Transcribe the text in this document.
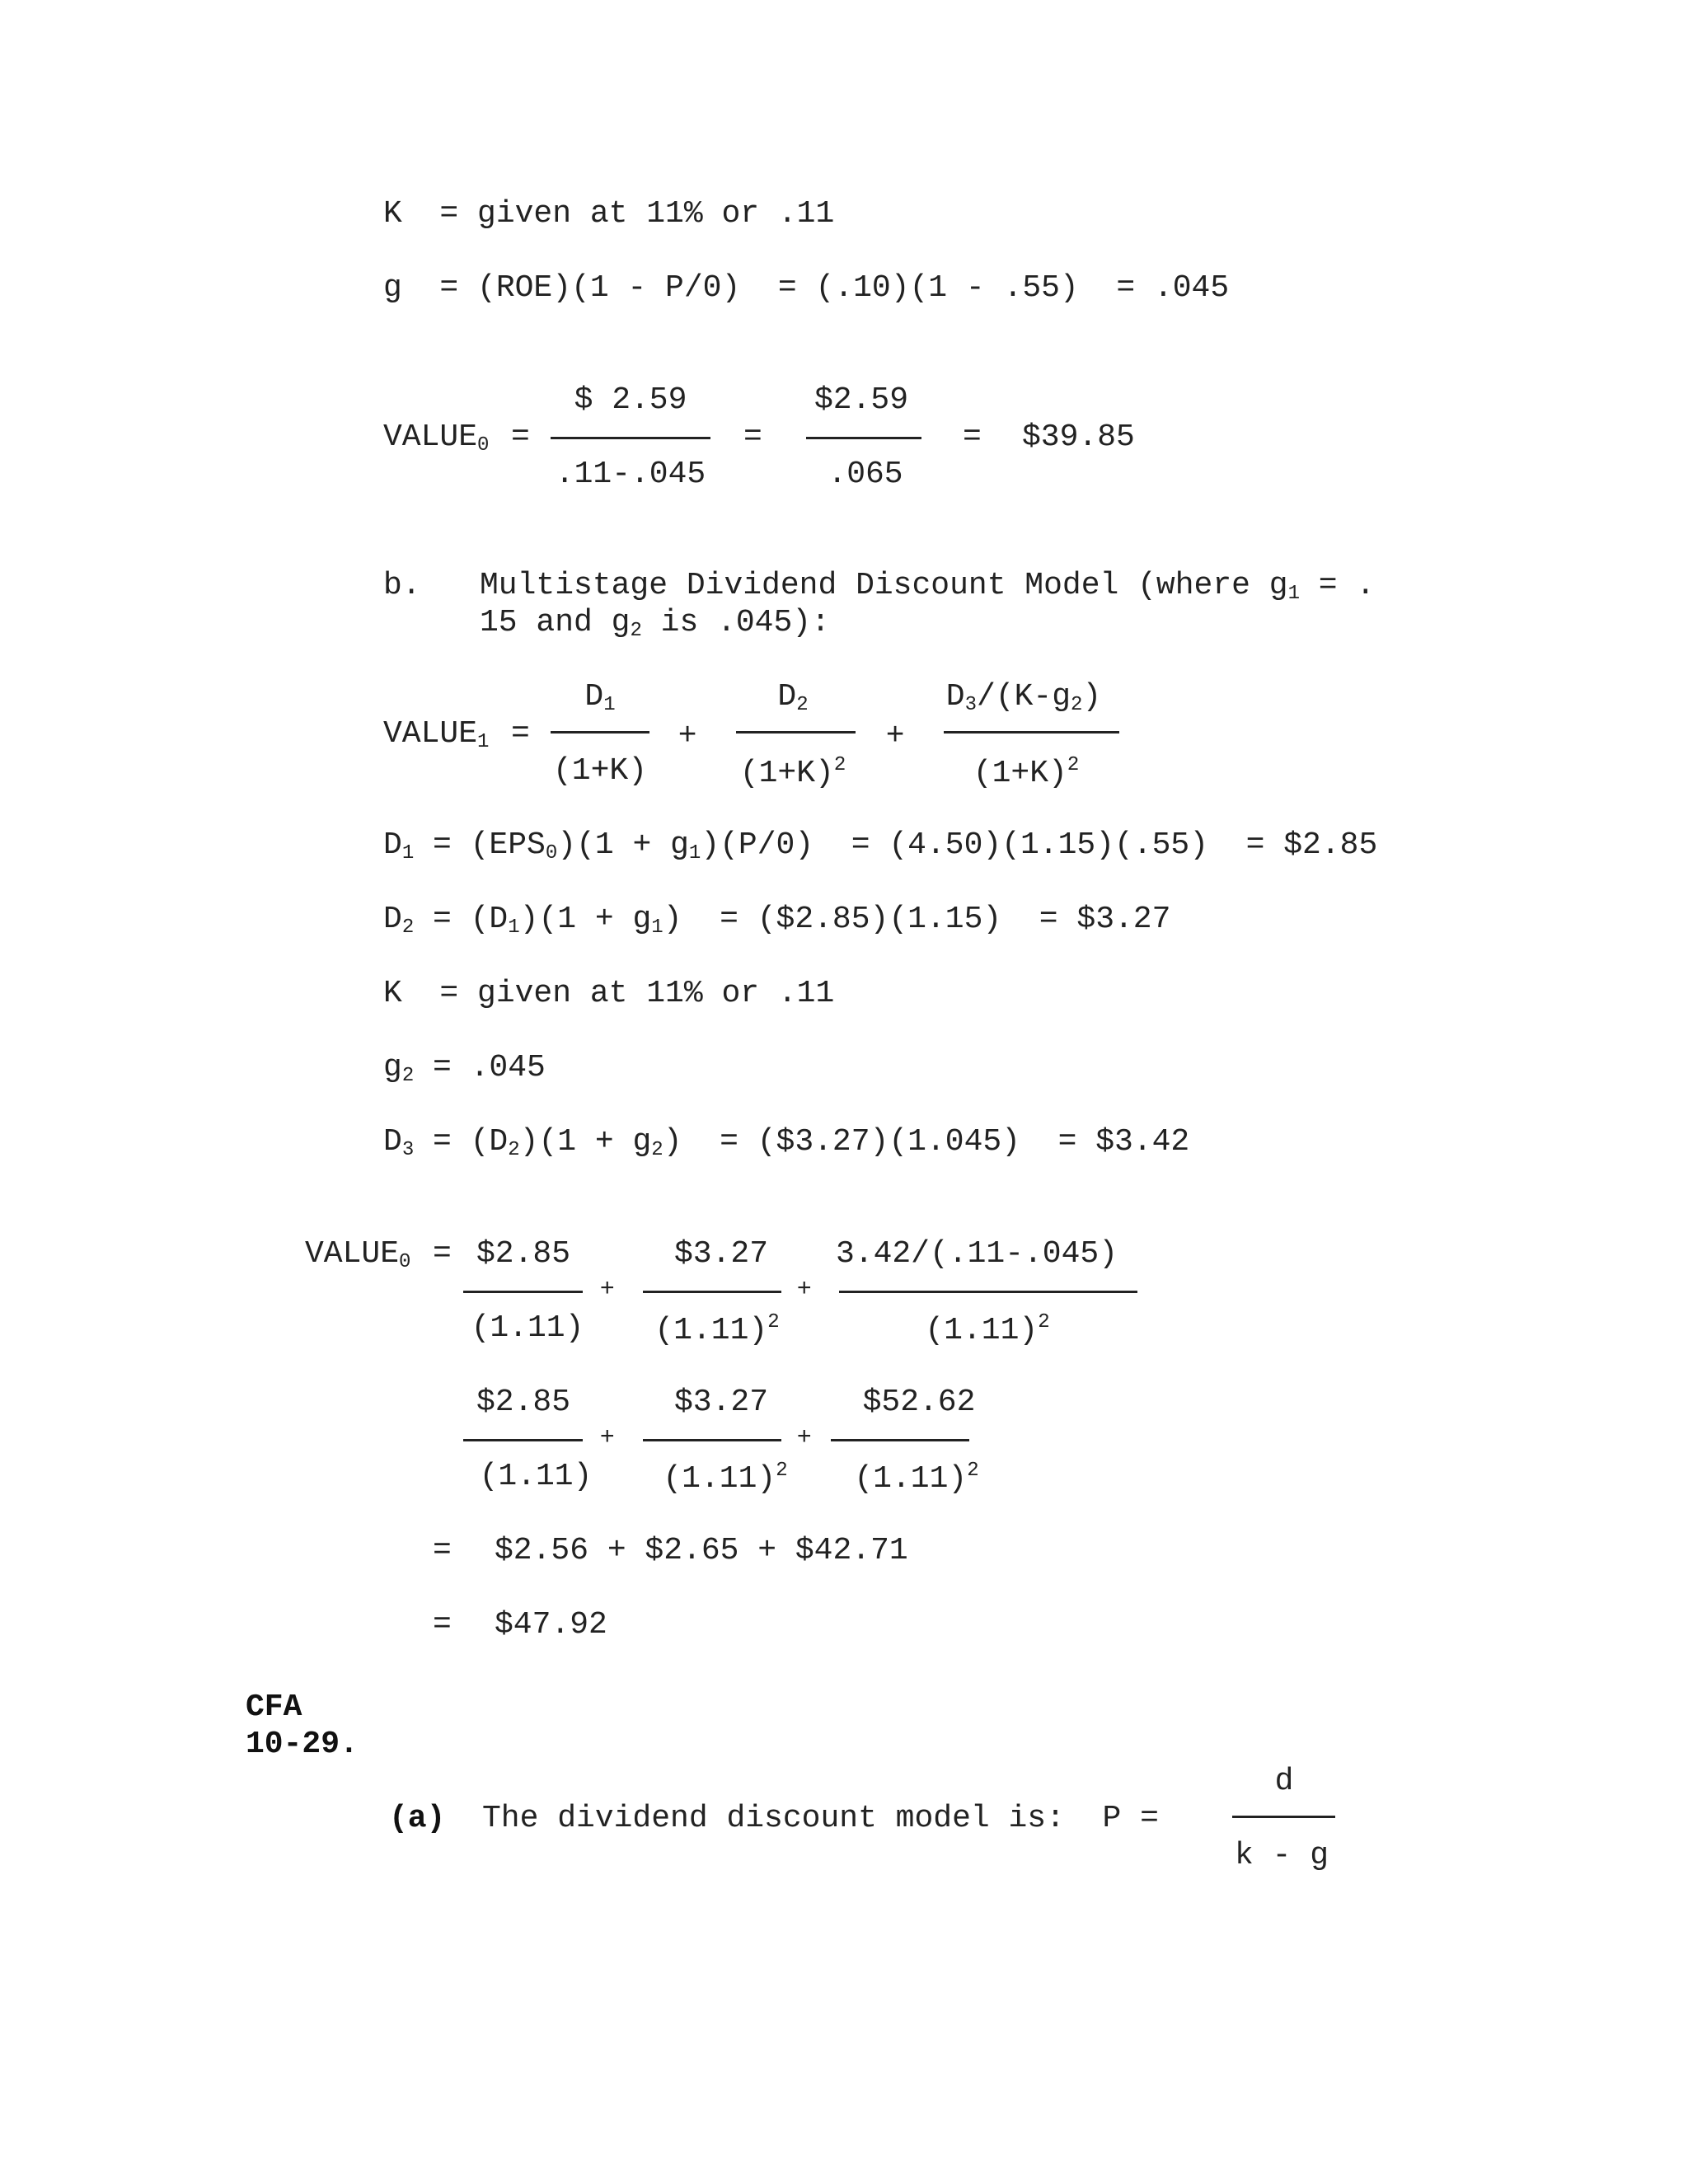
K  = given at 11% or .11
g  = (ROE)(1 - P/0)  = (.10)(1 - .55)  = .045
$VALUE_0$ =
$ 2.59
.11-.045
=
$2.59
.065
= $39.85
b. Multistage Dividend Discount Model (where $g_1$ = .
15 and $g_2$ is .045):
$VALUE_1$ =
$D_1$
(1+K)
+
$D_2$
$(1+K)^2$
+
$D_3/(K-g_2)$
$(1+K)^2$
$D_1 = (EPS_0)(1 + g_1)(P/0) = (4.50)(1.15)(.55)$  = $2.85
$D_2 = (D_1)(1 + g_1)$  = ($2.85)(1.15)  = $3.27
K  = given at 11% or .11
$g_2 = .045$
$D_3 = (D_2)(1 + g_2)$  = ($3.27)(1.045)  = $3.42
$VALUE_0$ = $2.85
(1.11)
+
$3.27
$(1.11)^2$
+
3.42/(.11-.045)
$(1.11)^2$
$2.85
(1.11)
+
$3.27
$(1.11)^2$
+
$52.62
$(1.11)^2$
= $2.56 + $2.65 + $42.71
= $47.92
CFA
10-29.
(a) The dividend discount model is:  P =
d
k - g
